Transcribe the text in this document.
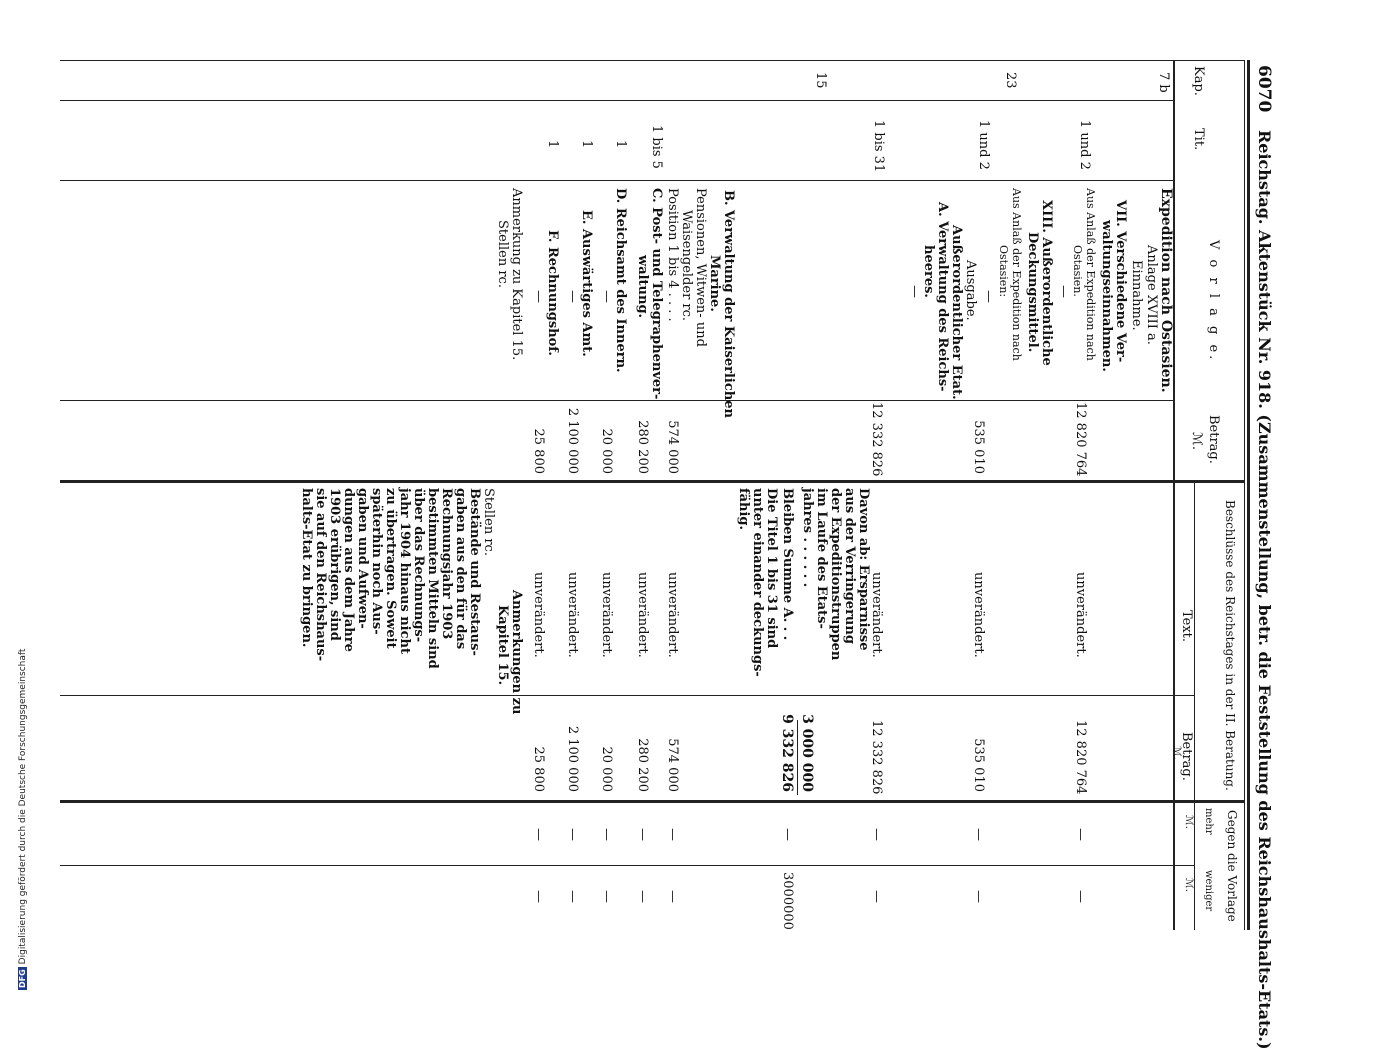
6070
Reichstag. Aktenstück Nr. 918. (Zusammenstellung, betr. die Feststellung des Reichshaushalts-Etats.)
Kap.
Tit.
V o r l a g e.
Betrag.
ℳ.
Beschlüsse des Reichstages in der II. Beratung.
Text.
Betrag.
ℳ.
Gegen die Vorlage
mehr
ℳ.
weniger
ℳ.
7 b
Expedition nach Ostasien.
Anlage XVIII a.
Einnahme.
1 und 2
VII. Verschiedene Ver-
waltungseinnahmen.
Aus Anlaß der Expedition nach
Ostasien.
—
12 820 764
unverändert.
12 820 764
—
—
23
XIII. Außerordentliche
Deckungsmittel.
Aus Anlaß der Expedition nach
Ostasien:
1 und 2
—
535 010
unverändert.
535 010
—
—
15
Ausgabe.
Außerordentlicher Etat.
1 bis 31
A. Verwaltung des Reichs-
heeres.
—
12 332 826
unverändert.
12 332 826
—
—
Davon ab: Ersparnisse
aus der Verringerung
der Expeditionstruppen
im Laufe des Etats-
jahres . . . . . .
3 000 000
Bleiben Summe A. . .
9 332 826
—
3000000
Die Titel 1 bis 31 sind
unter einander deckungs-
fähig.
B. Verwaltung der Kaiserlichen
Marine.
Pensionen, Witwen- und
Waisengelder rc.
Position 1 bis 4 . . . .
574 000
unverändert.
574 000
—
—
1 bis 5
C. Post- und Telegraphenver-
waltung.
280 200
unverändert.
280 200
—
—
1
D. Reichsamt des Innern.
—
20 000
unverändert.
20 000
—
—
1
E. Auswärtiges Amt.
—
2 100 000
unverändert.
2 100 000
—
—
1
F. Rechnungshof.
—
25 800
unverändert.
25 800
—
—
Anmerkung zu Kapitel 15.
Stellen rc.
Anmerkungen zu
Kapitel 15.
Stellen rc.
Bestände und Restaus-
gaben aus den für das
Rechnungsjahr 1903
bestimmten Mitteln sind
über das Rechnungs-
jahr 1904 hinaus nicht
zu übertragen. Soweit
späterhin noch Aus-
gaben und Aufwen-
dungen aus dem Jahre
1903 erübrigen, sind
sie auf den Reichshaus-
halts-Etat zu bringen.
DFGDigitalisierung gefördert durch die Deutsche Forschungsgemeinschaft
